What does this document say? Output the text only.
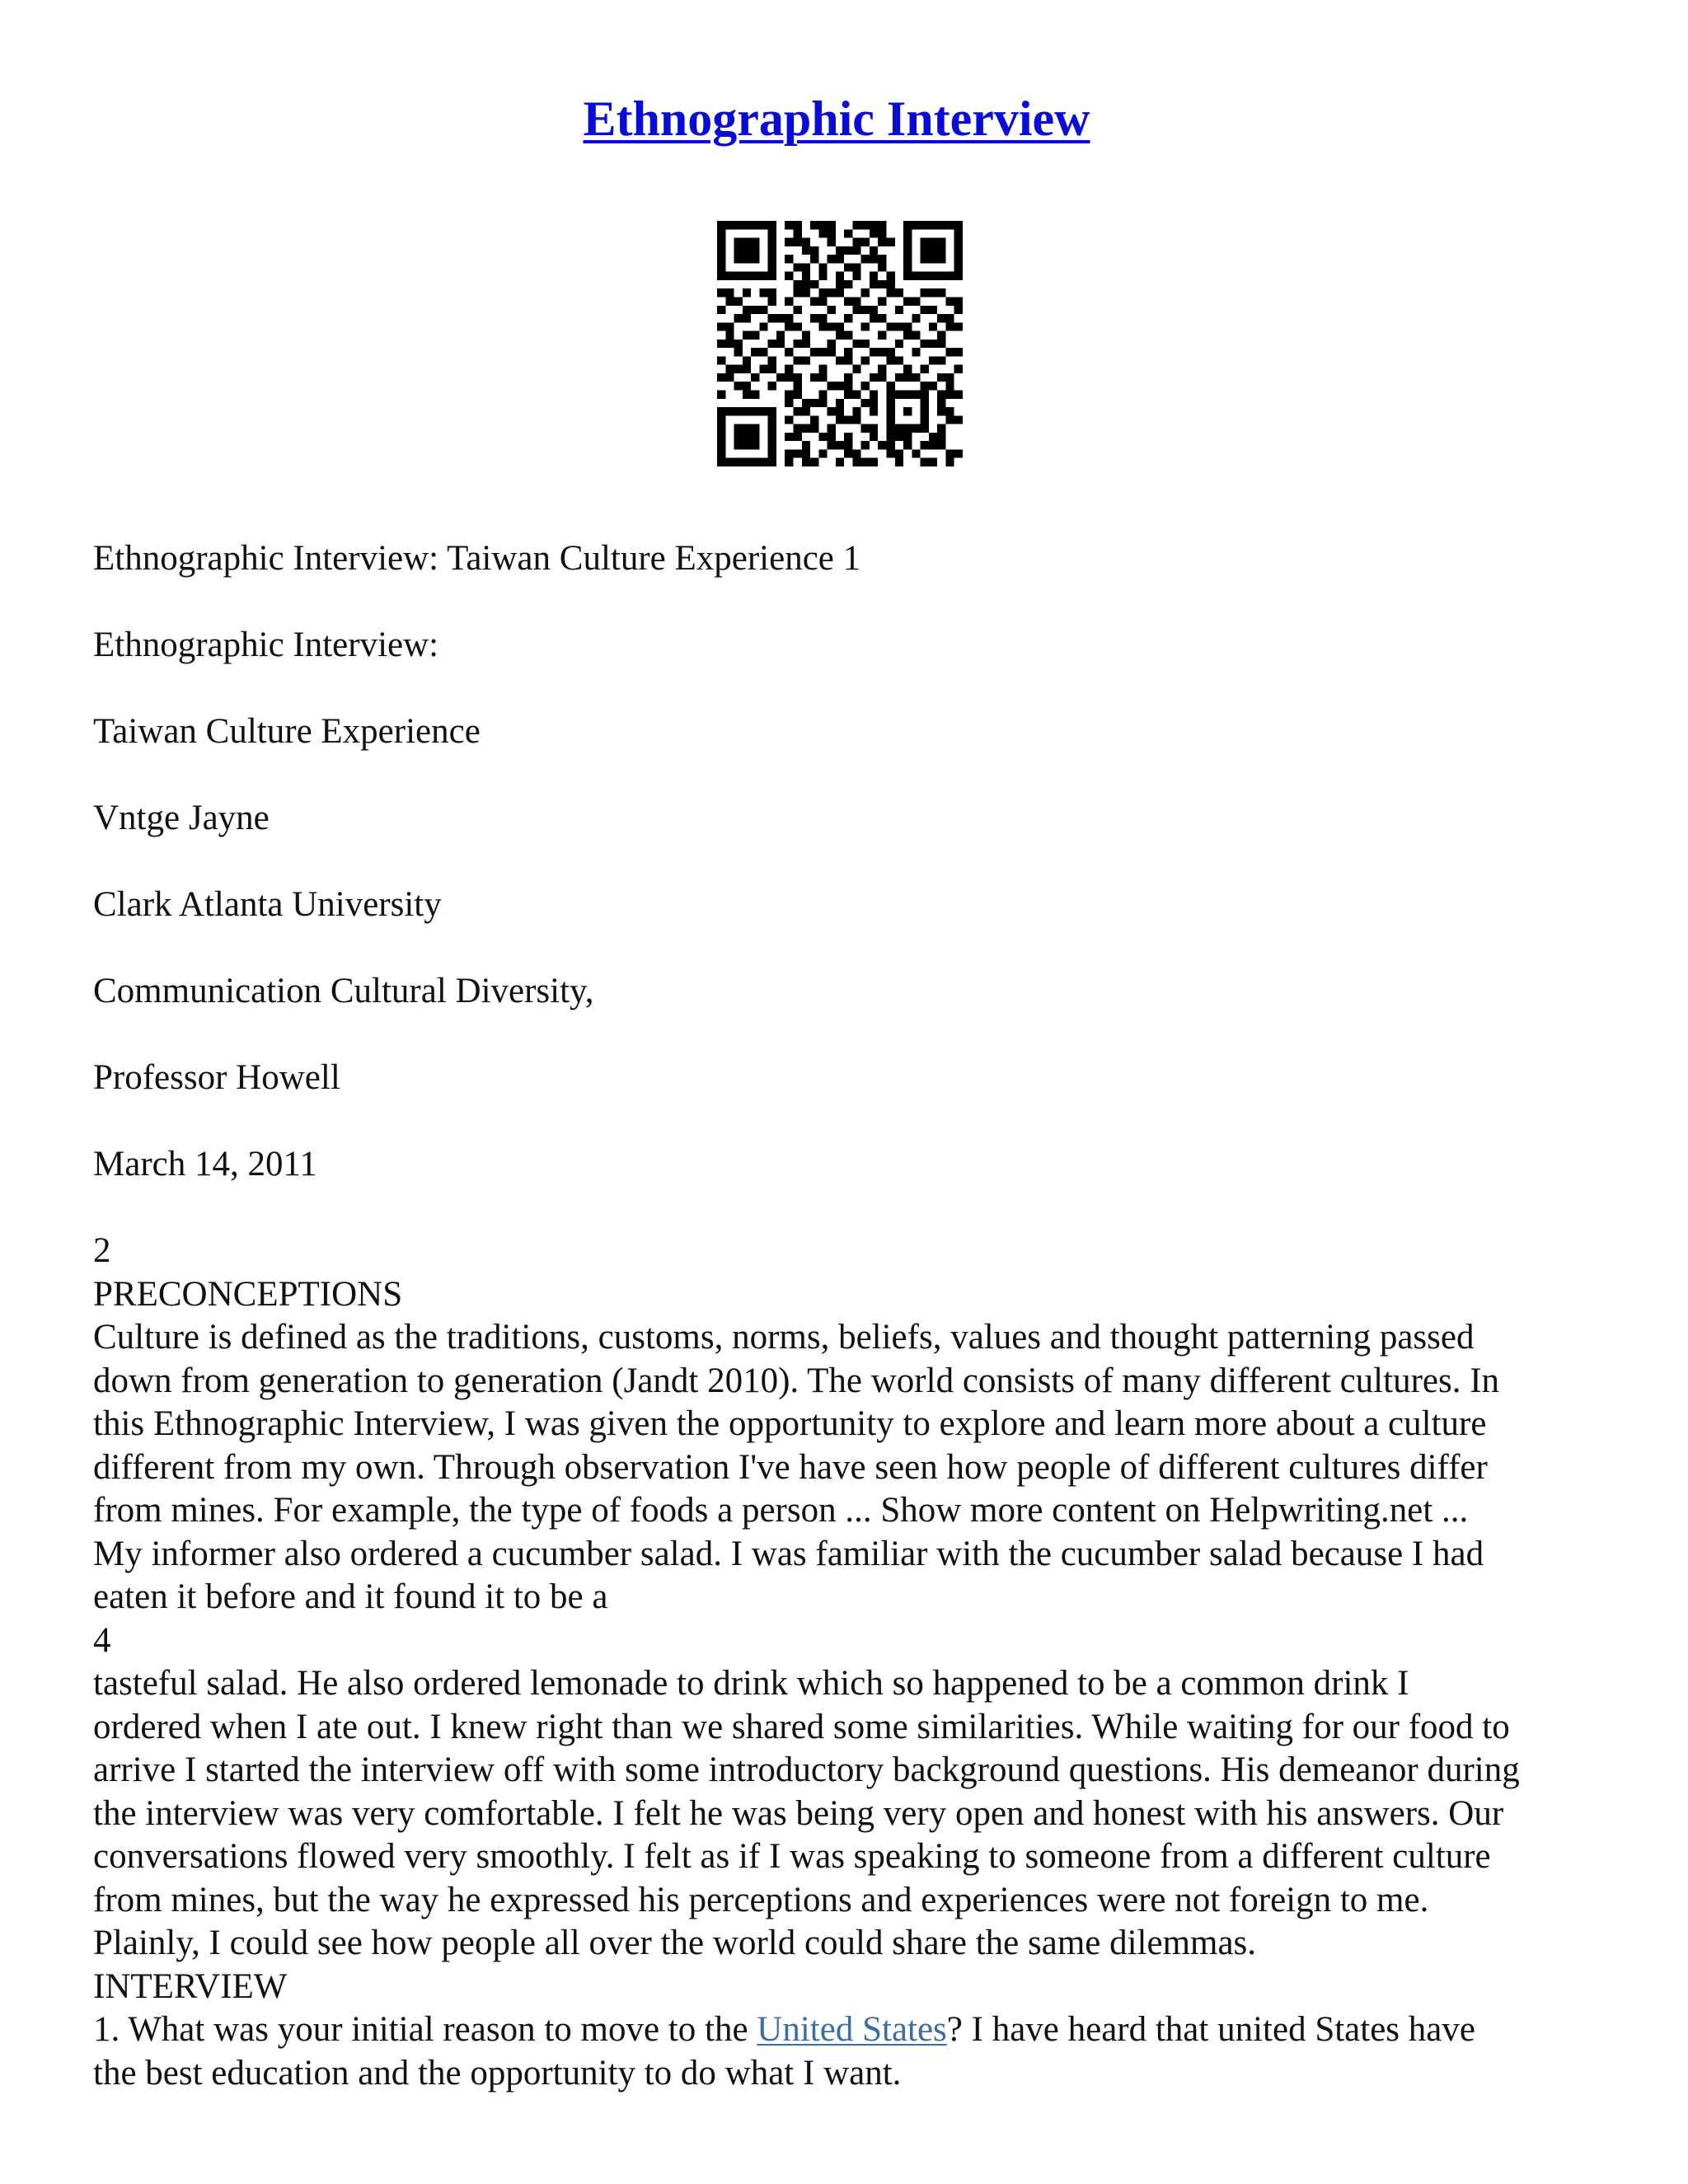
Ethnographic Interview
Ethnographic Interview: Taiwan Culture Experience 1
Ethnographic Interview:
Taiwan Culture Experience
Vntge Jayne
Clark Atlanta University
Communication Cultural Diversity,
Professor Howell
March 14, 2011
2
PRECONCEPTIONS
Culture is defined as the traditions, customs, norms, beliefs, values and thought patterning passed
down from generation to generation (Jandt 2010). The world consists of many different cultures. In
this Ethnographic Interview, I was given the opportunity to explore and learn more about a culture
different from my own. Through observation I've have seen how people of different cultures differ
from mines. For example, the type of foods a person ... Show more content on Helpwriting.net ...
My informer also ordered a cucumber salad. I was familiar with the cucumber salad because I had
eaten it before and it found it to be a
4
tasteful salad. He also ordered lemonade to drink which so happened to be a common drink I
ordered when I ate out. I knew right than we shared some similarities. While waiting for our food to
arrive I started the interview off with some introductory background questions. His demeanor during
the interview was very comfortable. I felt he was being very open and honest with his answers. Our
conversations flowed very smoothly. I felt as if I was speaking to someone from a different culture
from mines, but the way he expressed his perceptions and experiences were not foreign to me.
Plainly, I could see how people all over the world could share the same dilemmas.
INTERVIEW
1. What was your initial reason to move to the United States? I have heard that united States have
the best education and the opportunity to do what I want.
